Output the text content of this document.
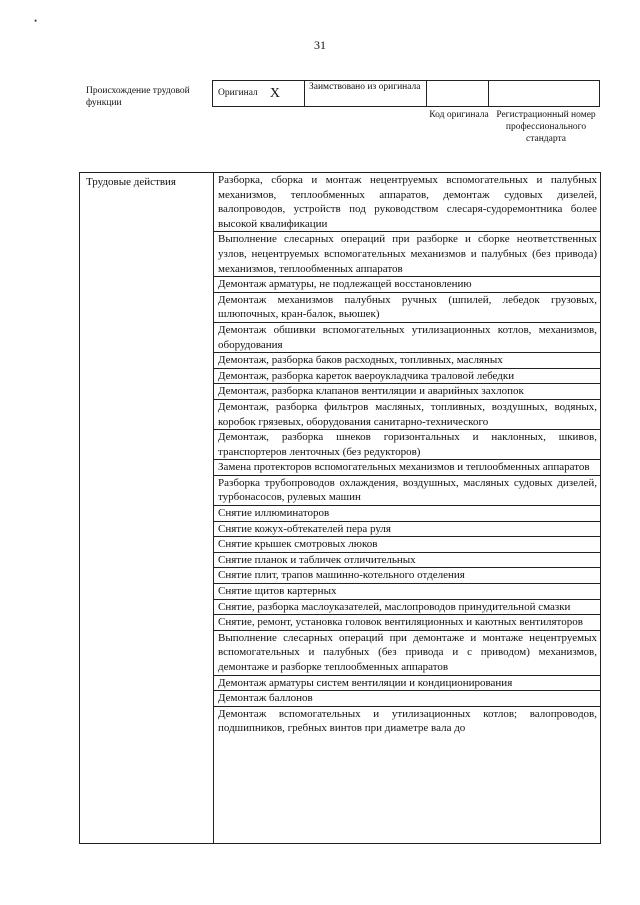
•
31
Происхождение трудовой функции
Оригинал X	Заимствовано из оригинала
Код оригинала Регистрационный номер профессионального стандарта
Трудовые действия	Разборка, сборка и монтаж нецентруемых вспомогательных и палубных механизмов, теплообменных аппаратов, демонтаж судовых дизелей, валопроводов, устройств под руководством слесаря-судоремонтника более высокой квалификации
Выполнение слесарных операций при разборке и сборке неответственных узлов, нецентруемых вспомогательных механизмов и палубных (без привода) механизмов, теплообменных аппаратов
Демонтаж арматуры, не подлежащей восстановлению
Демонтаж механизмов палубных ручных (шпилей, лебедок грузовых, шлюпочных, кран-балок, вьюшек)
Демонтаж обшивки вспомогательных утилизационных котлов, механизмов, оборудования
Демонтаж, разборка баков расходных, топливных, масляных
Демонтаж, разборка кареток ваероукладчика траловой лебедки
Демонтаж, разборка клапанов вентиляции и аварийных захлопок
Демонтаж, разборка фильтров масляных, топливных, воздушных, водяных, коробок грязевых, оборудования санитарно-технического
Демонтаж, разборка шнеков горизонтальных и наклонных, шкивов, транспортеров ленточных (без редукторов)
Замена протекторов вспомогательных механизмов и теплообменных аппаратов
Разборка трубопроводов охлаждения, воздушных, масляных судовых дизелей, турбонасосов, рулевых машин
Снятие иллюминаторов
Снятие кожух-обтекателей пера руля
Снятие крышек смотровых люков
Снятие планок и табличек отличительных
Снятие плит, трапов машинно-котельного отделения
Снятие щитов картерных
Снятие, разборка маслоуказателей, маслопроводов принудительной смазки
Снятие, ремонт, установка головок вентиляционных и каютных вентиляторов
Выполнение слесарных операций при демонтаже и монтаже нецентруемых вспомогательных и палубных (без привода и с приводом) механизмов, демонтаже и разборке теплообменных аппаратов
Демонтаж арматуры систем вентиляции и кондиционирования
Демонтаж баллонов
Демонтаж вспомогательных и утилизационных котлов; валопроводов, подшипников, гребных винтов при диаметре вала до
